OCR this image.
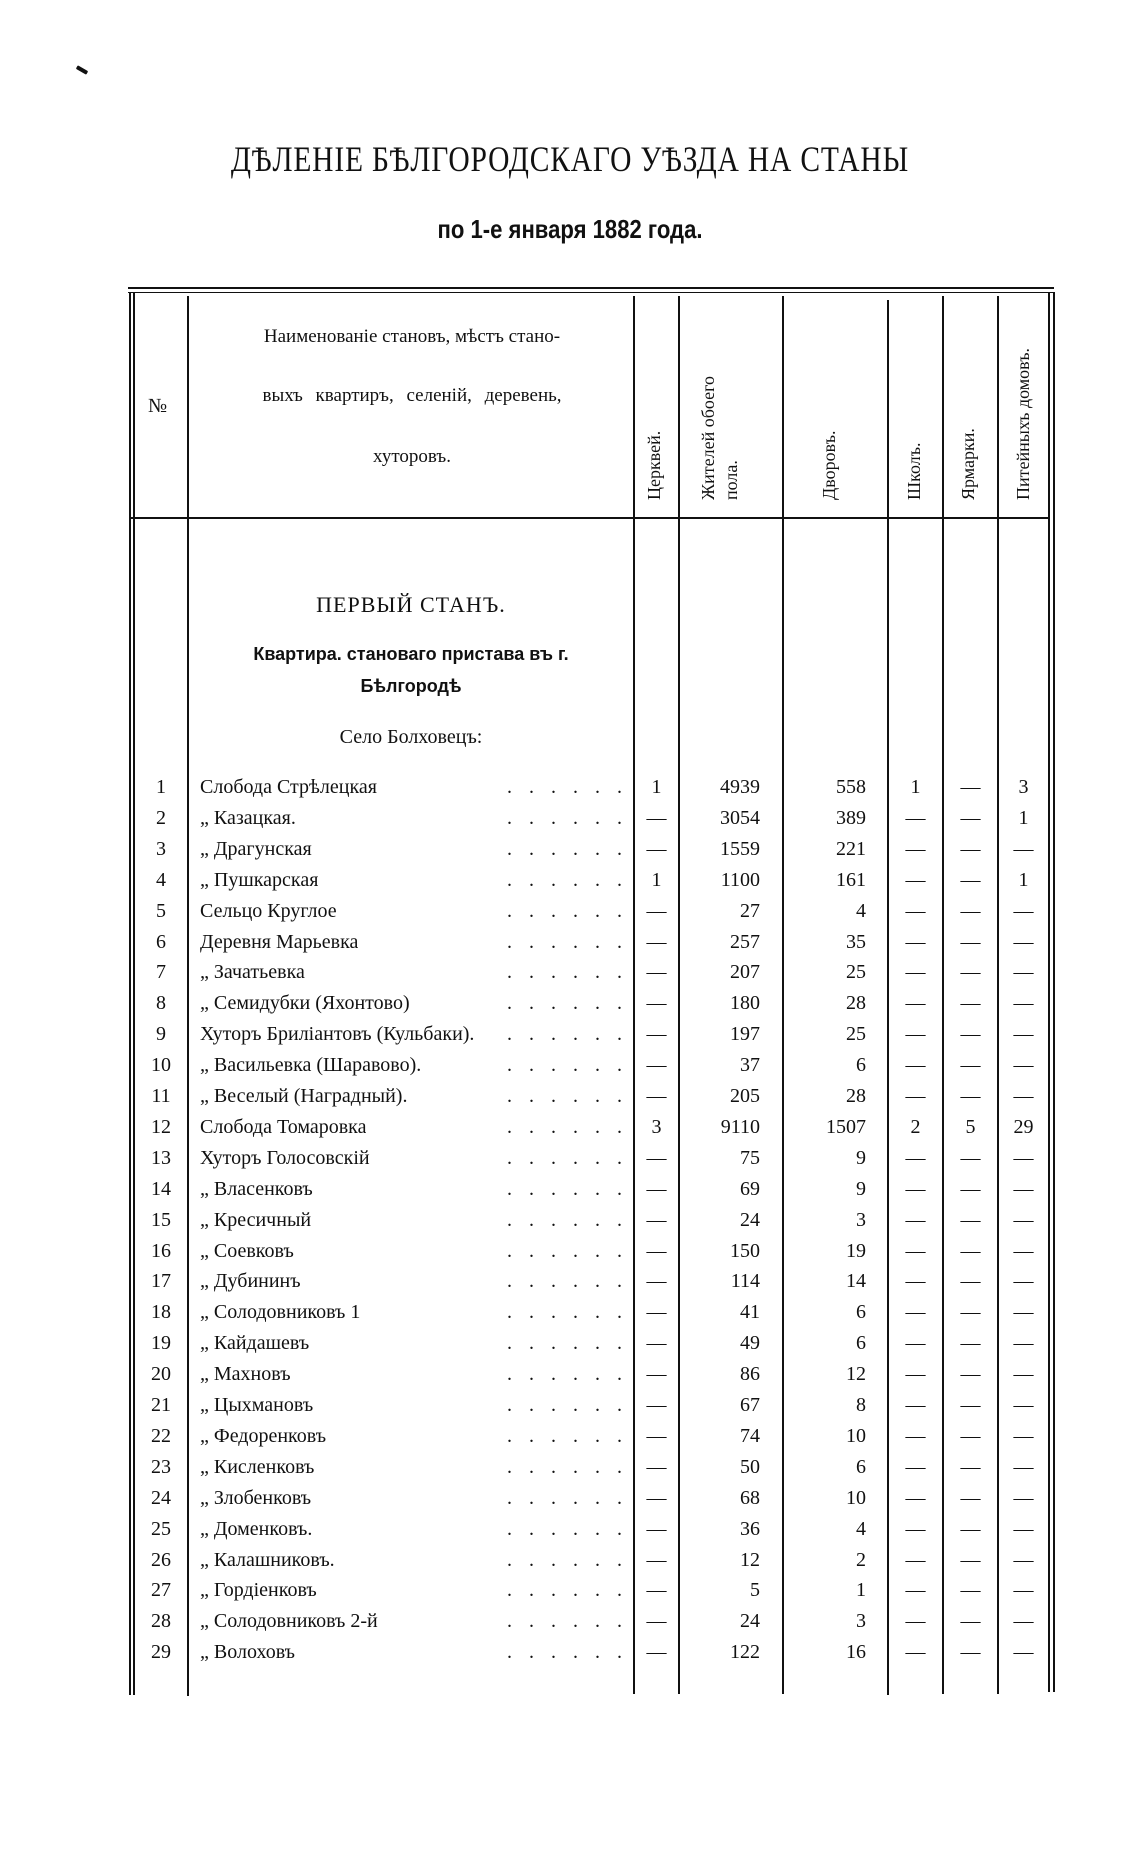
ДѢЛЕНІЕ БѢЛГОРОДСКАГО УѢЗДА НА СТАНЫ
по 1-е января 1882 года.
№
Наименованіе становъ, мѣстъ стано-
выхъ квартиръ, селеній, деревень,
хуторовъ.	Церквей. Жителей обоего пола.	Дворовъ.	Школъ. Ярмарки. Питейныхъ домовъ.
ПЕРВЫЙ СТАНЪ.
Квартира. становаго пристава въ г.
Бѣлгородѣ
Село Болховецъ:
1	Слобода Стрѣлецкая	. . . . . .	1	4939	558	1	—	3
2	„ Казацкая.	. . . . . . —	3054	389	—	—	1
3	„ Драгунская	. . . . . . —	1559	221	—	—	—
4	„ Пушкарская	. . . . . .	1	1100	161	—	—	1
5	Сельцо Круглое	. . . . . . —	27	4	—	—	—
6	Деревня Марьевка	. . . . . . —	257	35	—	—	—
7	„ Зачатьевка	. . . . . . —	207	25	—	—	—
8	„ Семидубки (Яхонтово)	. . . . . . —	180	28	—	—	—
9	Хуторъ Бриліантовъ (Кульбаки). . . . . . . —	197	25	—	—	—
10	„ Васильевка (Шаравово).	. . . . . . —	37	6	—	—	—
11	„ Веселый (Наградный).	. . . . . . —	205	28	—	—	—
12	Слобода Томаровка	. . . . . .	3	9110	1507	2	5	29
13	Хуторъ Голосовскій	. . . . . . —	75	9	—	—	—
14	„ Власенковъ	. . . . . . —	69	9	—	—	—
15	„ Кресичный	. . . . . . —	24	3	—	—	—
16	„ Соевковъ	. . . . . . —	150	19	—	—	—
17	„ Дубининъ	. . . . . . —	114	14	—	—	—
18	„ Солодовниковъ 1	. . . . . . —	41	6	—	—	—
19	„ Кайдашевъ	. . . . . . —	49	6	—	—	—
20	„ Махновъ	. . . . . . —	86	12	—	—	—
21	„ Цыхмановъ	. . . . . . —	67	8	—	—	—
22	„ Федоренковъ	. . . . . . —	74	10	—	—	—
23	„ Кисленковъ	. . . . . . —	50	6	—	—	—
24	„ Злобенковъ	. . . . . . —	68	10	—	—	—
25	„ Доменковъ.	. . . . . . —	36	4	—	—	—
26	„ Калашниковъ.	. . . . . . —	12	2	—	—	—
27	„ Гордіенковъ	. . . . . . —	5	1	—	—	—
28	„ Солодовниковъ 2-й	. . . . . . —	24	3	—	—	—
29	„ Волоховъ	. . . . . . —	122	16	—	—	—
